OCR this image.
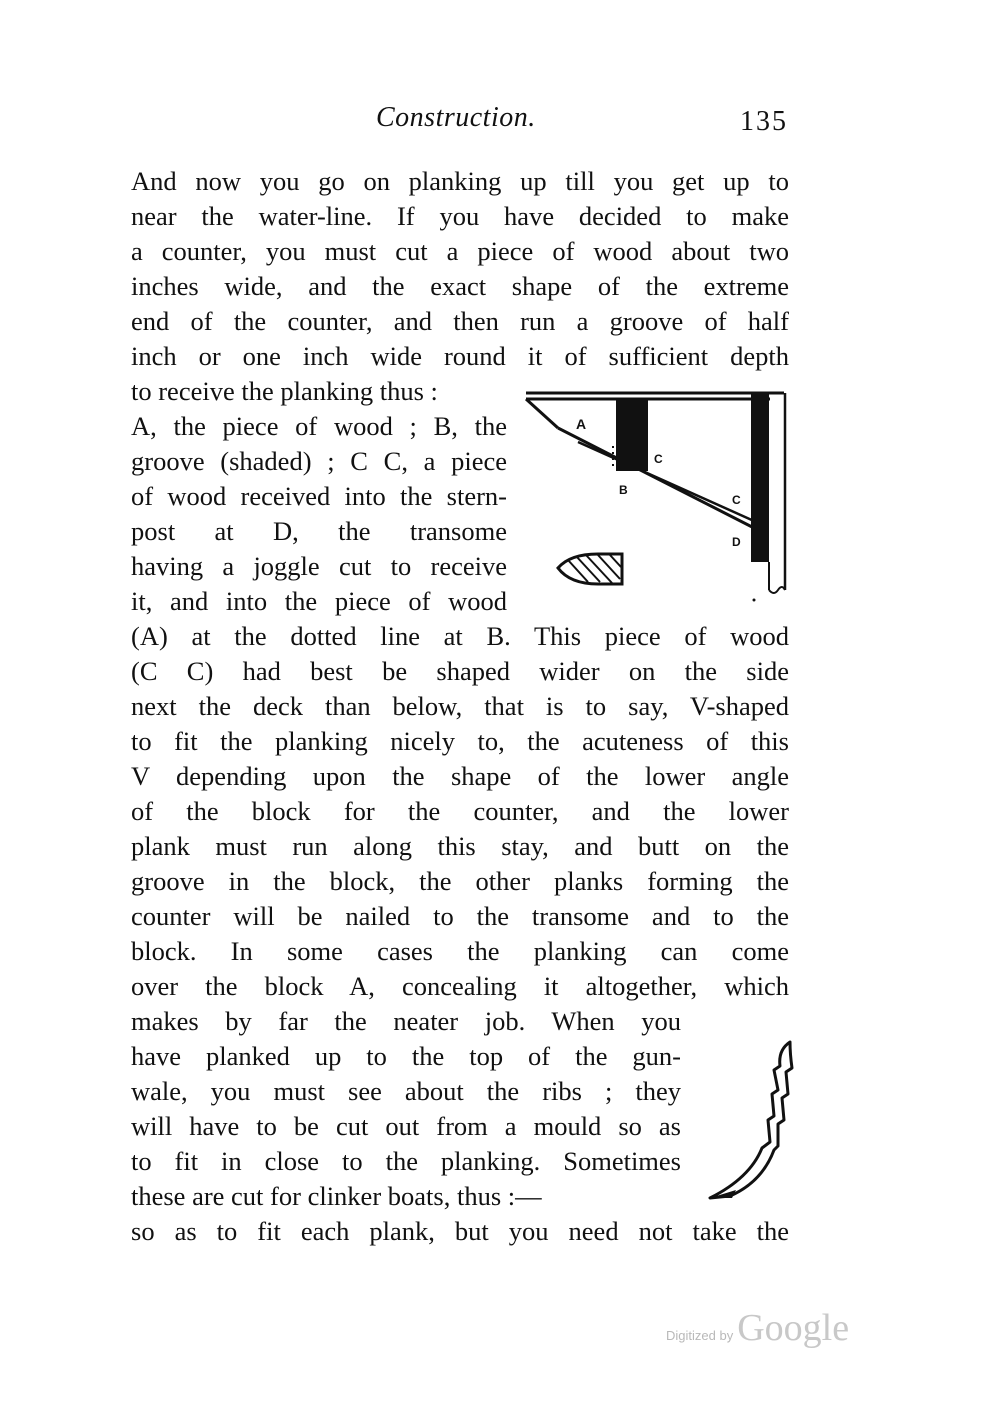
Construction.	135
And now you go on planking up till you get up to
near the water-line. If you have decided to make
a counter, you must cut a piece of wood about two
inches wide, and the exact shape of the extreme
end of the counter, and then run a groove of half
inch or one inch wide round it of sufficient depth
to receive the planking thus :
A, the piece of wood ; B, the
groove (shaded) ; C C, a piece
of wood received into the stern-
post at D, the transome
having a joggle cut to receive
it, and into the piece of wood
(A) at the dotted line at B. This piece of wood
(C C) had best be shaped wider on the side
next the deck than below, that is to say, V-shaped
to fit the planking nicely to, the acuteness of this
V depending upon the shape of the lower angle
of the block for the counter, and the lower
plank must run along this stay, and butt on the
groove in the block, the other planks forming the
counter will be nailed to the transome and to the
block. In some cases the planking can come
over the block A, concealing it altogether, which
makes by far the neater job. When you
have planked up to the top of the gun-
wale, you must see about the ribs ; they
will have to be cut out from a mould so as
to fit in close to the planking. Sometimes
these are cut for clinker boats, thus :—
so as to fit each plank, but you need not take the
A
B
C
C
D
Digitized by Google
